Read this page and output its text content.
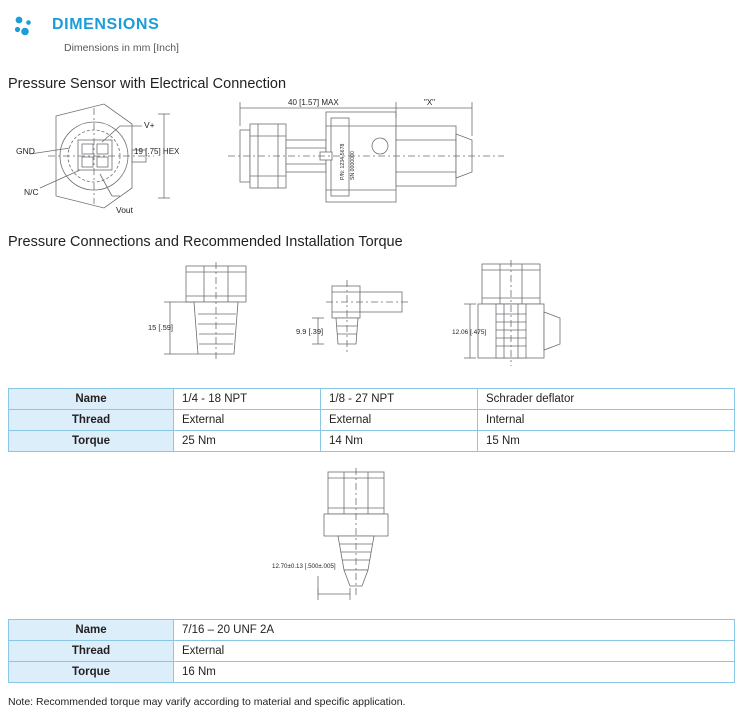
DIMENSIONS
Dimensions in mm [Inch]
Pressure Sensor with Electrical Connection
GND
V+
N/C
Vout
19 [.75] HEX
40 [1.57] MAX	"X"
P/N: 1234-5678 SN 0000000
Pressure Connections and Recommended Installation Torque
15 [.59]	9.9 [.39]	12.06 [.475]
Name	1/4 - 18 NPT	1/8 - 27 NPT	Schrader deflator
Thread	External	External	Internal
Torque	25 Nm	14 Nm	15 Nm
12.70±0.13 [.500±.005]
Name	7/16 – 20 UNF 2A
Thread	External
Torque	16 Nm
Note: Recommended torque may varify according to material and specific application.
